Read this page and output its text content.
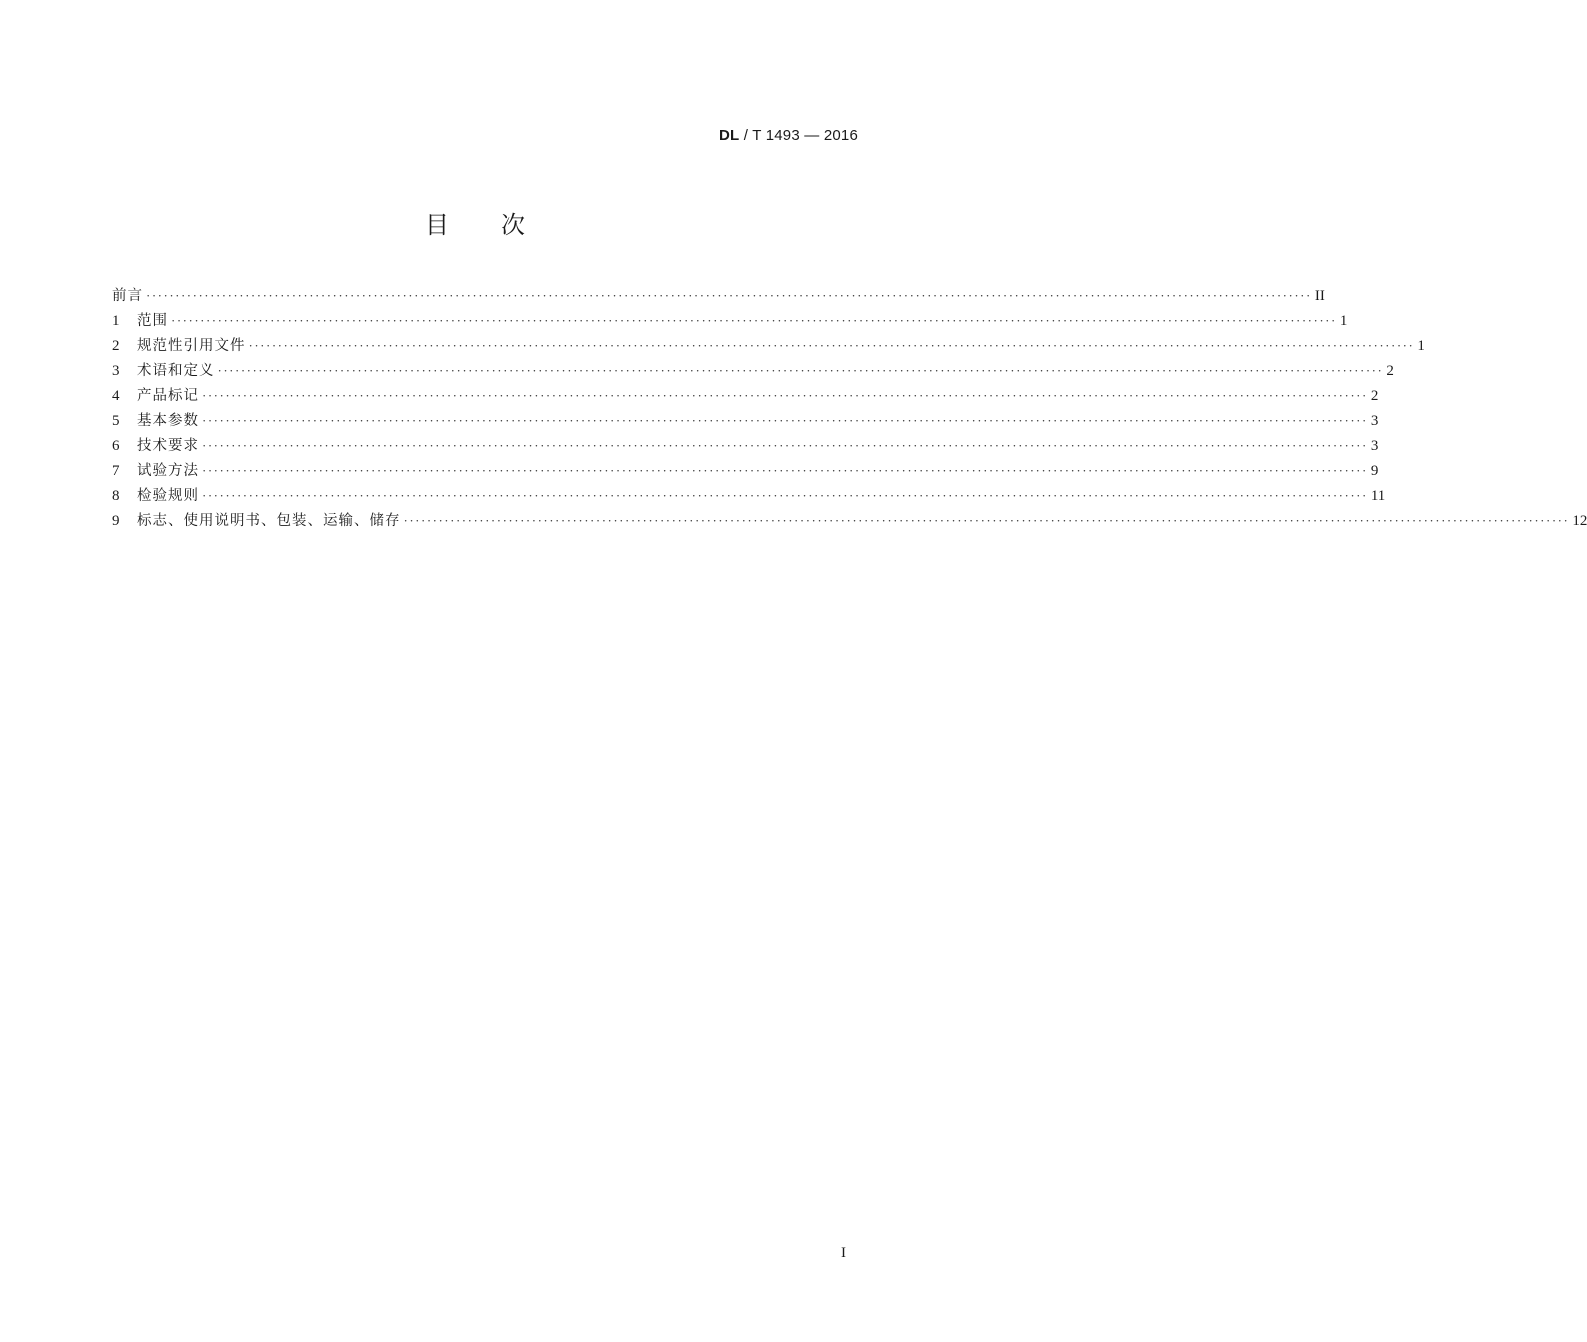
DL / T 1493 — 2016
目次
前言 ········································································································································································································ II
1	范围 ········································································································································································································ 1
2	规范性引用文件 ········································································································································································································ 1
3	术语和定义 ········································································································································································································ 2
4	产品标记 ········································································································································································································ 2
5	基本参数 ········································································································································································································ 3
6	技术要求 ········································································································································································································ 3
7	试验方法 ········································································································································································································ 9
8	检验规则 ········································································································································································································ 11
9	标志、使用说明书、包装、运输、储存 ········································································································································································································ 12
I
